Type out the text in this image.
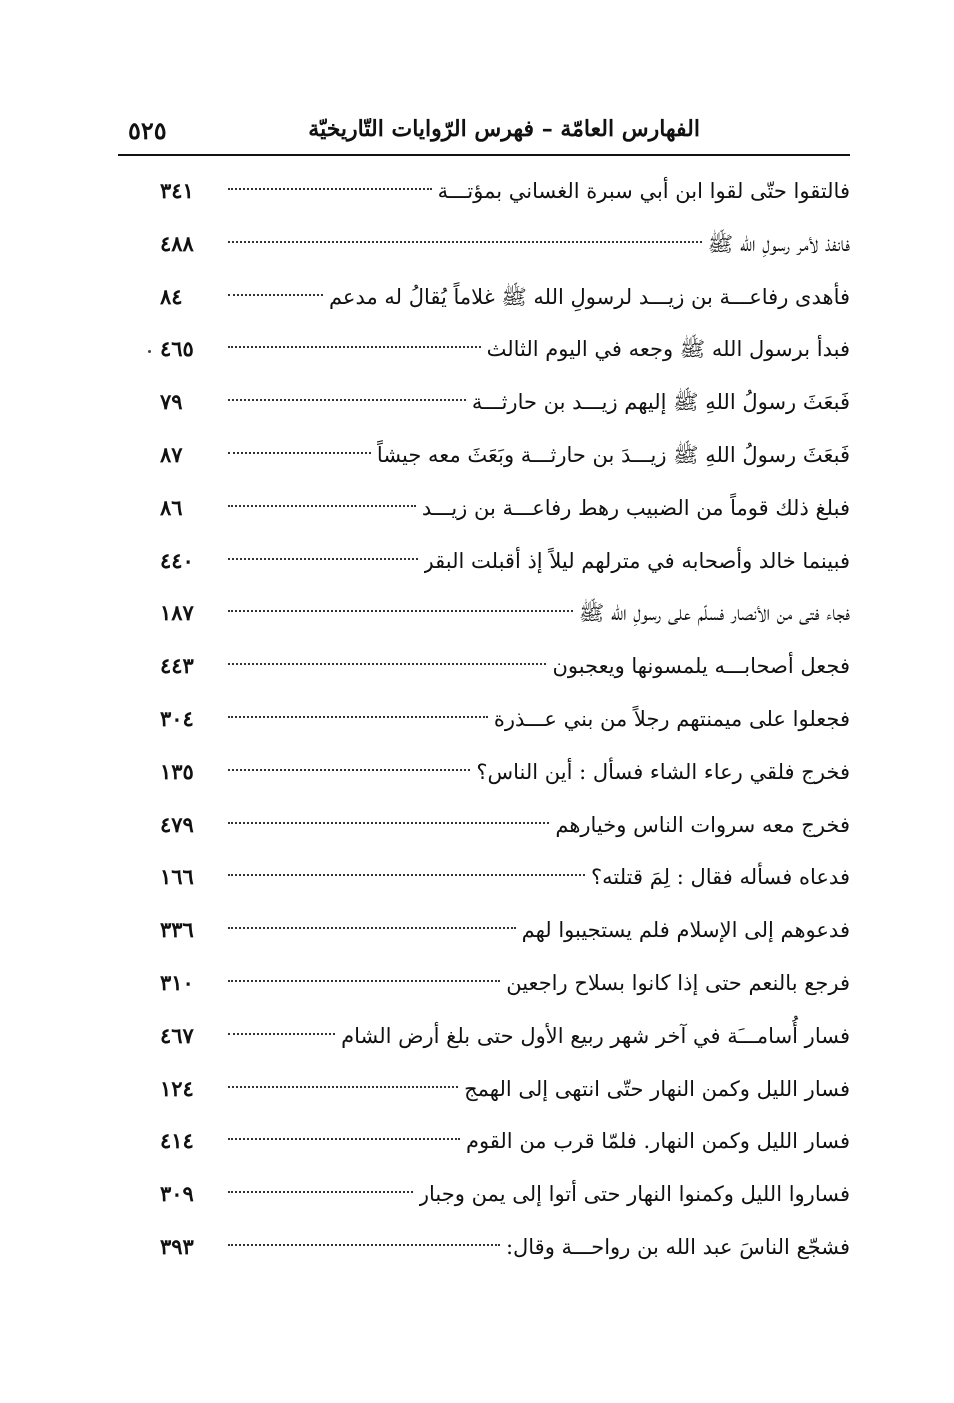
الفهارس العامّة – فهرس الرّوايات التّاريخيّة
٥٢٥
فالتقوا حتّى لقوا ابن أبي سبرة الغساني بمؤتـــة
٣٤١
فانفذ لأمر رسولِ الله ﷺ
٤٨٨
فأهدى رفاعـــة بن زيـــد لرسولِ الله ﷺ غلاماً يُقالُ له مدعم
٨٤
فبدأ برسول الله ﷺ وجعه في اليوم الثالث
٤٦٥
فَبعَثَ رسولُ اللهِ ﷺ إليهم زيـــد بن حارثـــة
٧٩
فَبعَثَ رسولُ اللهِ ﷺ زيـــدَ بن حارثـــة وبَعَثَ معه جيشاً
٨٧
فبلغ ذلك قوماً من الضبيب رهط رفاعـــة بن زيـــد
٨٦
فبينما خالد وأصحابه في مترلهم ليلاً إذ أقبلت البقر
٤٤٠
فجاء فتى من الأنصار فسلّم على رسولِ الله ﷺ
١٨٧
فجعل أصحابـــه يلمسونها ويعجبون
٤٤٣
فجعلوا على ميمنتهم رجلاً من بني عـــذرة
٣٠٤
فخرج فلقي رعاء الشاء فسأل : أين الناس؟
١٣٥
فخرج معه سروات الناس وخيارهم
٤٧٩
فدعاه فسأله فقال : لِمَ قتلته؟
١٦٦
فدعوهم إلى الإسلام فلم يستجيبوا لهم
٣٣٦
فرجع بالنعم حتى إذا كانوا بسلاح راجعين
٣١٠
فسار أُسامـــَة في آخر شهر ربيع الأول حتى بلغ أرض الشام
٤٦٧
فسار الليل وكمن النهار حتّى انتهى إلى الهمج
١٢٤
فسار الليل وكمن النهار. فلمّا قرب من القوم
٤١٤
فساروا الليل وكمنوا النهار حتى أتوا إلى يمن وجبار
٣٠٩
فشجّع الناسَ عبد الله بن رواحـــة وقال:
٣٩٣
